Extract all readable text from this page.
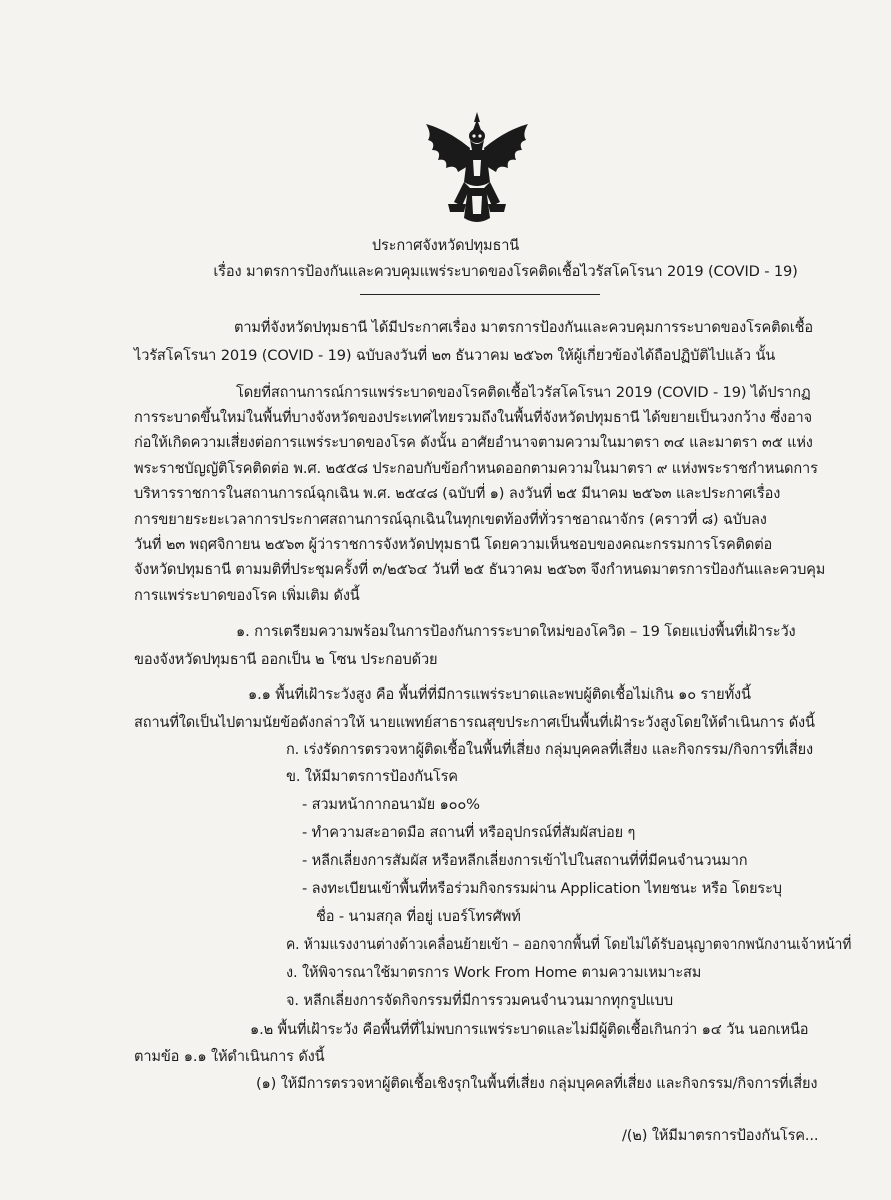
ประกาศจังหวัดปทุมธานี
เรื่อง มาตรการป้องกันและควบคุมแพร่ระบาดของโรคติดเชื้อไวรัสโคโรนา 2019 (COVID - 19)
ตามที่จังหวัดปทุมธานี ได้มีประกาศเรื่อง มาตรการป้องกันและควบคุมการระบาดของโรคติดเชื้อ
ไวรัสโคโรนา 2019 (COVID - 19) ฉบับลงวันที่ ๒๓ ธันวาคม ๒๕๖๓ ให้ผู้เกี่ยวข้องได้ถือปฏิบัติไปแล้ว นั้น
โดยที่สถานการณ์การแพร่ระบาดของโรคติดเชื้อไวรัสโคโรนา 2019 (COVID - 19) ได้ปรากฏ
การระบาดขึ้นใหม่ในพื้นที่บางจังหวัดของประเทศไทยรวมถึงในพื้นที่จังหวัดปทุมธานี ได้ขยายเป็นวงกว้าง ซึ่งอาจ
ก่อให้เกิดความเสี่ยงต่อการแพร่ระบาดของโรค ดังนั้น อาศัยอำนาจตามความในมาตรา ๓๔ และมาตรา ๓๕ แห่ง
พระราชบัญญัติโรคติดต่อ พ.ศ. ๒๕๕๘ ประกอบกับข้อกำหนดออกตามความในมาตรา ๙ แห่งพระราชกำหนดการ
บริหารราชการในสถานการณ์ฉุกเฉิน พ.ศ. ๒๕๔๘ (ฉบับที่ ๑) ลงวันที่ ๒๕ มีนาคม ๒๕๖๓ และประกาศเรื่อง
การขยายระยะเวลาการประกาศสถานการณ์ฉุกเฉินในทุกเขตท้องที่ทั่วราชอาณาจักร (คราวที่ ๘) ฉบับลง
วันที่ ๒๓ พฤศจิกายน ๒๕๖๓ ผู้ว่าราชการจังหวัดปทุมธานี โดยความเห็นชอบของคณะกรรมการโรคติดต่อ
จังหวัดปทุมธานี ตามมติที่ประชุมครั้งที่ ๓/๒๕๖๔ วันที่ ๒๕ ธันวาคม ๒๕๖๓ จึงกำหนดมาตรการป้องกันและควบคุม
การแพร่ระบาดของโรค เพิ่มเติม ดังนี้
๑. การเตรียมความพร้อมในการป้องกันการระบาดใหม่ของโควิด – 19 โดยแบ่งพื้นที่เฝ้าระวัง
ของจังหวัดปทุมธานี ออกเป็น ๒ โซน ประกอบด้วย
๑.๑ พื้นที่เฝ้าระวังสูง คือ พื้นที่ที่มีการแพร่ระบาดและพบผู้ติดเชื้อไม่เกิน ๑๐ รายทั้งนี้
สถานที่ใดเป็นไปตามนัยข้อดังกล่าวให้ นายแพทย์สาธารณสุขประกาศเป็นพื้นที่เฝ้าระวังสูงโดยให้ดำเนินการ ดังนี้
ก. เร่งรัดการตรวจหาผู้ติดเชื้อในพื้นที่เสี่ยง กลุ่มบุคคลที่เสี่ยง และกิจกรรม/กิจการที่เสี่ยง
ข. ให้มีมาตรการป้องกันโรค
- สวมหน้ากากอนามัย ๑๐๐%
- ทำความสะอาดมือ สถานที่ หรืออุปกรณ์ที่สัมผัสบ่อย ๆ
- หลีกเลี่ยงการสัมผัส หรือหลีกเลี่ยงการเข้าไปในสถานที่ที่มีคนจำนวนมาก
- ลงทะเบียนเข้าพื้นที่หรือร่วมกิจกรรมผ่าน Application ไทยชนะ หรือ โดยระบุ
ชื่อ - นามสกุล ที่อยู่ เบอร์โทรศัพท์
ค. ห้ามแรงงานต่างด้าวเคลื่อนย้ายเข้า – ออกจากพื้นที่ โดยไม่ได้รับอนุญาตจากพนักงานเจ้าหน้าที่
ง. ให้พิจารณาใช้มาตรการ Work From Home ตามความเหมาะสม
จ. หลีกเลี่ยงการจัดกิจกรรมที่มีการรวมคนจำนวนมากทุกรูปแบบ
๑.๒ พื้นที่เฝ้าระวัง คือพื้นที่ที่ไม่พบการแพร่ระบาดและไม่มีผู้ติดเชื้อเกินกว่า ๑๔ วัน นอกเหนือ
ตามข้อ ๑.๑ ให้ดำเนินการ ดังนี้
(๑) ให้มีการตรวจหาผู้ติดเชื้อเชิงรุกในพื้นที่เสี่ยง กลุ่มบุคคลที่เสี่ยง และกิจกรรม/กิจการที่เสี่ยง
/(๒) ให้มีมาตรการป้องกันโรค...
